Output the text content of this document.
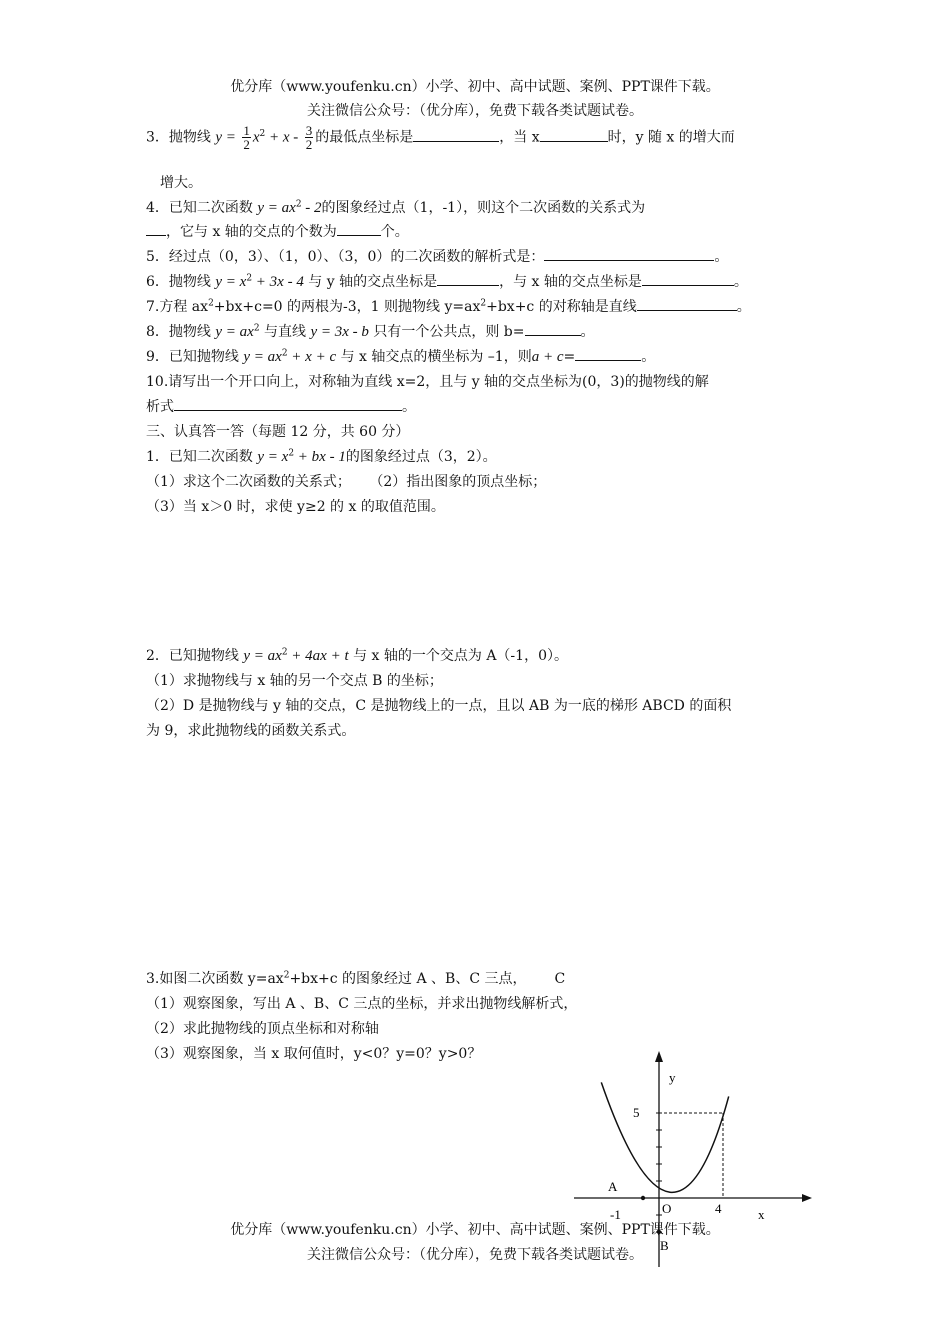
优分库（www.youfenku.cn）小学、初中、高中试题、案例、PPT课件下载。
关注微信公众号：（优分库），免费下载各类试题试卷。
3．抛物线 $y = \frac{1}{2} x^2 + x - \frac{3}{2}$ 的最低点坐标是	，当 x	时，y 随 x 的增大而
增大。
4．已知二次函数 $y = ax^2 - 2$的图象经过点（1，-1），则这个二次函数的关系式为
，它与 x 轴的交点的个数为	个。
5．经过点（0，3）、（1，0）、（3，0）的二次函数的解析式是：	。
6．抛物线 $y = x^2 + 3x - 4$ 与 y 轴的交点坐标是	，与 x 轴的交点坐标是	。
7.方程 $ax^2+bx+c=0$ 的两根为-3，1 则抛物线 $y=ax^2+bx+c$ 的对称轴是直线	。
8．抛物线 $y = ax^2$ 与直线 y = 3x - b 只有一个公共点，则 b=	。
9．已知抛物线 $y = ax^2 + x + c$ 与 x 轴交点的横坐标为 –1，则a + c=	。
10.请写出一个开口向上，对称轴为直线 x=2，且与 y 轴的交点坐标为(0，3)的抛物线的解
析式	。
三、认真答一答（每题 12 分，共 60 分）
1．已知二次函数 $y = x^2$ + bx - 1的图象经过点（3，2）。
（1）求这个二次函数的关系式； （2）指出图象的顶点坐标；
（3）当 x＞0 时，求使 y≥2 的 x 的取值范围。
2．已知抛物线 $y = ax^2 + 4ax + t$ 与 x 轴的一个交点为 A（-1，0）。
（1）求抛物线与 x 轴的另一个交点 B 的坐标；
（2）D 是抛物线与 y 轴的交点，C 是抛物线上的一点，且以 AB 为一底的梯形 ABCD 的面积
为 9，求此抛物线的函数关系式。
3.如图二次函数 $y=ax^2+bx+c$ 的图象经过 A 、B、C 三点， C
（1）观察图象，写出 A 、B、C 三点的坐标，并求出抛物线解析式，
（2）求此抛物线的顶点坐标和对称轴
（3）观察图象，当 x 取何值时，y<0？y=0？y>0？
y
x
5
4
-1	O
A
B
优分库（www.youfenku.cn）小学、初中、高中试题、案例、PPT课件下载。
关注微信公众号：（优分库），免费下载各类试题试卷。
